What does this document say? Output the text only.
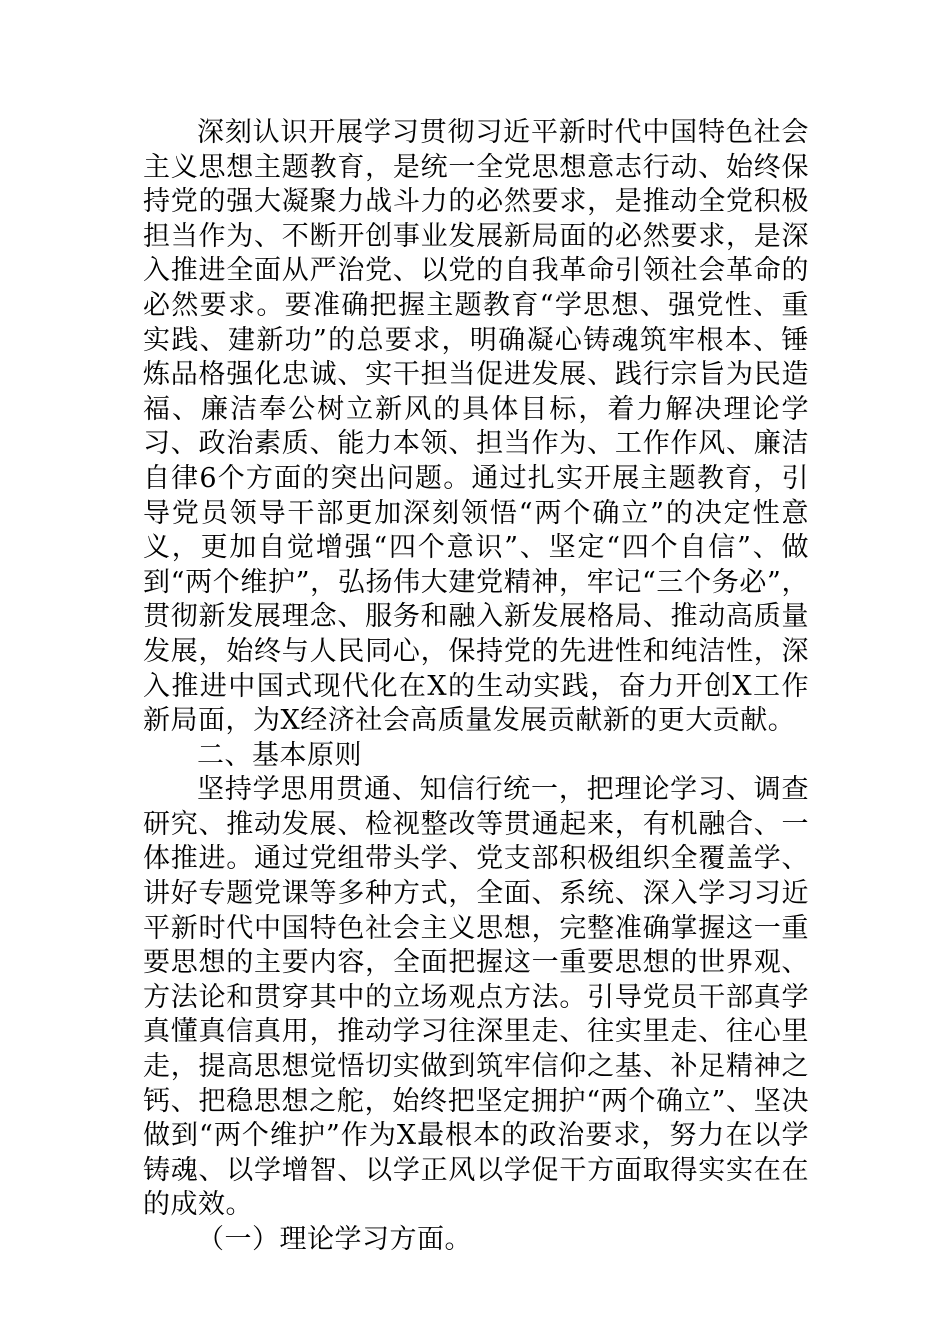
深刻认识开展学习贯彻习近平新时代中国特色社会主义思想主题教育，是统一全党思想意志行动、始终保持党的强大凝聚力战斗力的必然要求，是推动全党积极担当作为、不断开创事业发展新局面的必然要求，是深入推进全面从严治党、以党的自我革命引领社会革命的必然要求。要准确把握主题教育“学思想、强党性、重实践、建新功”的总要求，明确凝心铸魂筑牢根本、锤炼品格强化忠诚、实干担当促进发展、践行宗旨为民造福、廉洁奉公树立新风的具体目标，着力解决理论学习、政治素质、能力本领、担当作为、工作作风、廉洁自律6个方面的突出问题。通过扎实开展主题教育，引导党员领导干部更加深刻领悟“两个确立”的决定性意义，更加自觉增强“四个意识”、坚定“四个自信”、做到“两个维护”，弘扬伟大建党精神，牢记“三个务必”，贯彻新发展理念、服务和融入新发展格局、推动高质量发展，始终与人民同心，保持党的先进性和纯洁性，深入推进中国式现代化在X的生动实践，奋力开创X工作新局面，为X经济社会高质量发展贡献新的更大贡献。

二、基本原则

坚持学思用贯通、知信行统一，把理论学习、调查研究、推动发展、检视整改等贯通起来，有机融合、一体推进。通过党组带头学、党支部积极组织全覆盖学、讲好专题党课等多种方式，全面、系统、深入学习习近平新时代中国特色社会主义思想，完整准确掌握这一重要思想的主要内容，全面把握这一重要思想的世界观、方法论和贯穿其中的立场观点方法。引导党员干部真学真懂真信真用，推动学习往深里走、往实里走、往心里走，提高思想觉悟切实做到筑牢信仰之基、补足精神之钙、把稳思想之舵，始终把坚定拥护“两个确立”、坚决做到“两个维护”作为X最根本的政治要求，努力在以学铸魂、以学增智、以学正风以学促干方面取得实实在在的成效。

（一）理论学习方面。
